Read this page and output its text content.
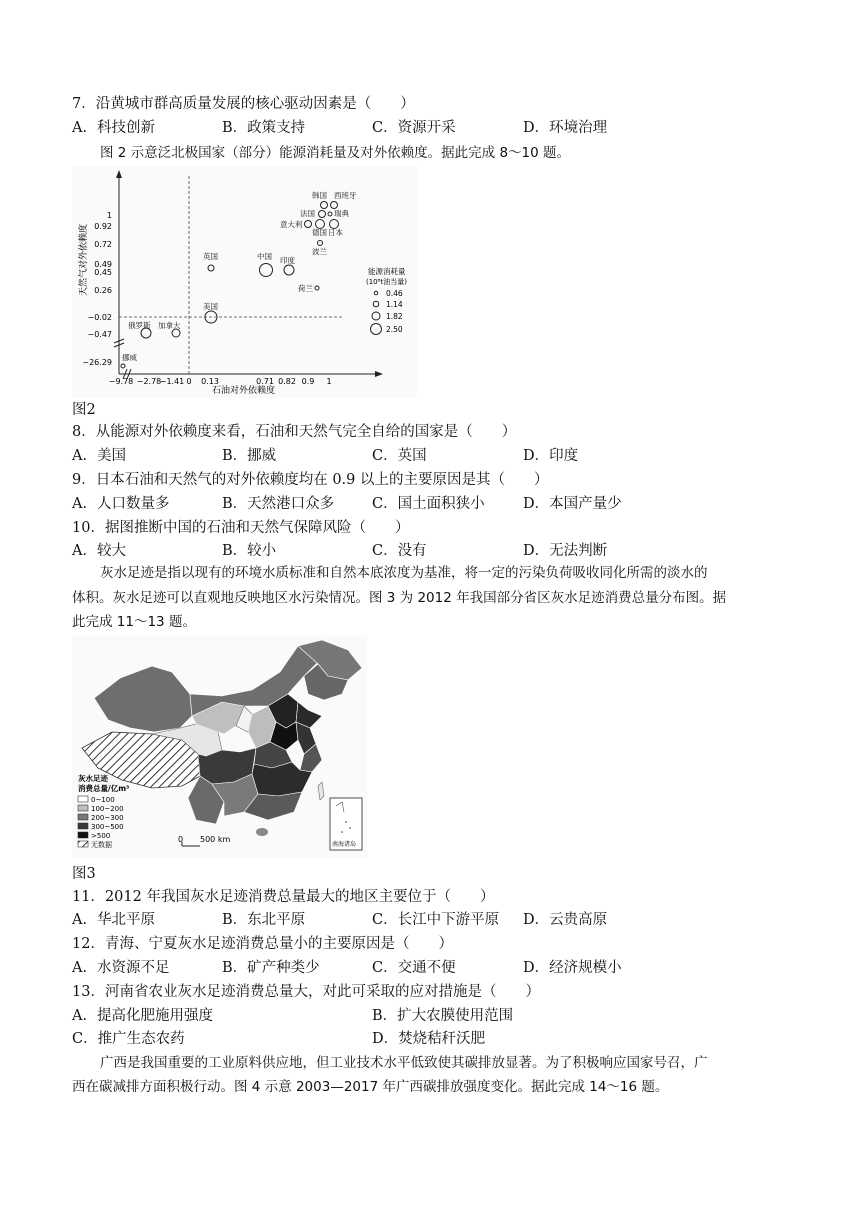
7．沿黄城市群高质量发展的核心驱动因素是（　　）
A．科技创新	B．政策支持	C．资源开采	D．环境治理
图 2 示意泛北极国家（部分）能源消耗量及对外依赖度。据此完成 8～10 题。
天然气对外依赖度
石油对外依赖度
1
0.92
0.72
0.49
0.45
0.26
−0.02
−0.47
−26.29
−9.78 −2.78
−1.41 0 0.13	0.71 0.82 0.9 1
韩国 西班牙
法国	瑞典
意大利
德国 日本
波兰
英国	中国 印度
荷兰
美国
俄罗斯 加拿大
挪威
能源消耗量
(10⁸t油当量)
0.46
1.14
1.82
2.50
图2
8．从能源对外依赖度来看，石油和天然气完全自给的国家是（　　）
A．美国	B．挪威	C．英国	D．印度
9．日本石油和天然气的对外依赖度均在 0.9 以上的主要原因是其（　　）
A．人口数量多	B．天然港口众多	C．国土面积狭小	D．本国产量少
10．据图推断中国的石油和天然气保障风险（　　）
A．较大	B．较小	C．没有	D．无法判断
灰水足迹是指以现有的环境水质标准和自然本底浓度为基准，将一定的污染负荷吸收同化所需的淡水的
体积。灰水足迹可以直观地反映地区水污染情况。图 3 为 2012 年我国部分省区灰水足迹消费总量分布图。据
此完成 11～13 题。
南海诸岛
灰水足迹
消费总量/亿m³
0~100
100~200
200~300
300~500
>500
无数据
0 500 km
图3
11．2012 年我国灰水足迹消费总量最大的地区主要位于（　　）
A．华北平原	B．东北平原	C．长江中下游平原 D．云贵高原
12．青海、宁夏灰水足迹消费总量小的主要原因是（　　）
A．水资源不足	B．矿产种类少	C．交通不便	D．经济规模小
13．河南省农业灰水足迹消费总量大，对此可采取的应对措施是（　　）
A．提高化肥施用强度	B．扩大农膜使用范围
C．推广生态农药	D．焚烧秸秆沃肥
广西是我国重要的工业原料供应地，但工业技术水平低致使其碳排放显著。为了积极响应国家号召，广
西在碳减排方面积极行动。图 4 示意 2003—2017 年广西碳排放强度变化。据此完成 14～16 题。
